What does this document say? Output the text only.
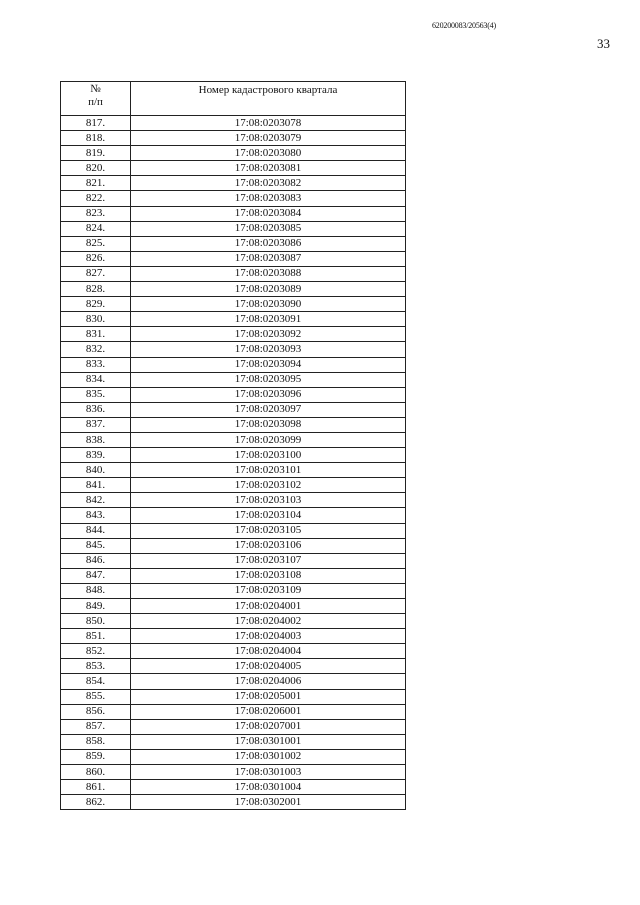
620200083/20563(4)
33
№
п/п	Номер кадастрового квартала
817.	17:08:0203078
818.	17:08:0203079
819.	17:08:0203080
820.	17:08:0203081
821.	17:08:0203082
822.	17:08:0203083
823.	17:08:0203084
824.	17:08:0203085
825.	17:08:0203086
826.	17:08:0203087
827.	17:08:0203088
828.	17:08:0203089
829.	17:08:0203090
830.	17:08:0203091
831.	17:08:0203092
832.	17:08:0203093
833.	17:08:0203094
834.	17:08:0203095
835.	17:08:0203096
836.	17:08:0203097
837.	17:08:0203098
838.	17:08:0203099
839.	17:08:0203100
840.	17:08:0203101
841.	17:08:0203102
842.	17:08:0203103
843.	17:08:0203104
844.	17:08:0203105
845.	17:08:0203106
846.	17:08:0203107
847.	17:08:0203108
848.	17:08:0203109
849.	17:08:0204001
850.	17:08:0204002
851.	17:08:0204003
852.	17:08:0204004
853.	17:08:0204005
854.	17:08:0204006
855.	17:08:0205001
856.	17:08:0206001
857.	17:08:0207001
858.	17:08:0301001
859.	17:08:0301002
860.	17:08:0301003
861.	17:08:0301004
862.	17:08:0302001
